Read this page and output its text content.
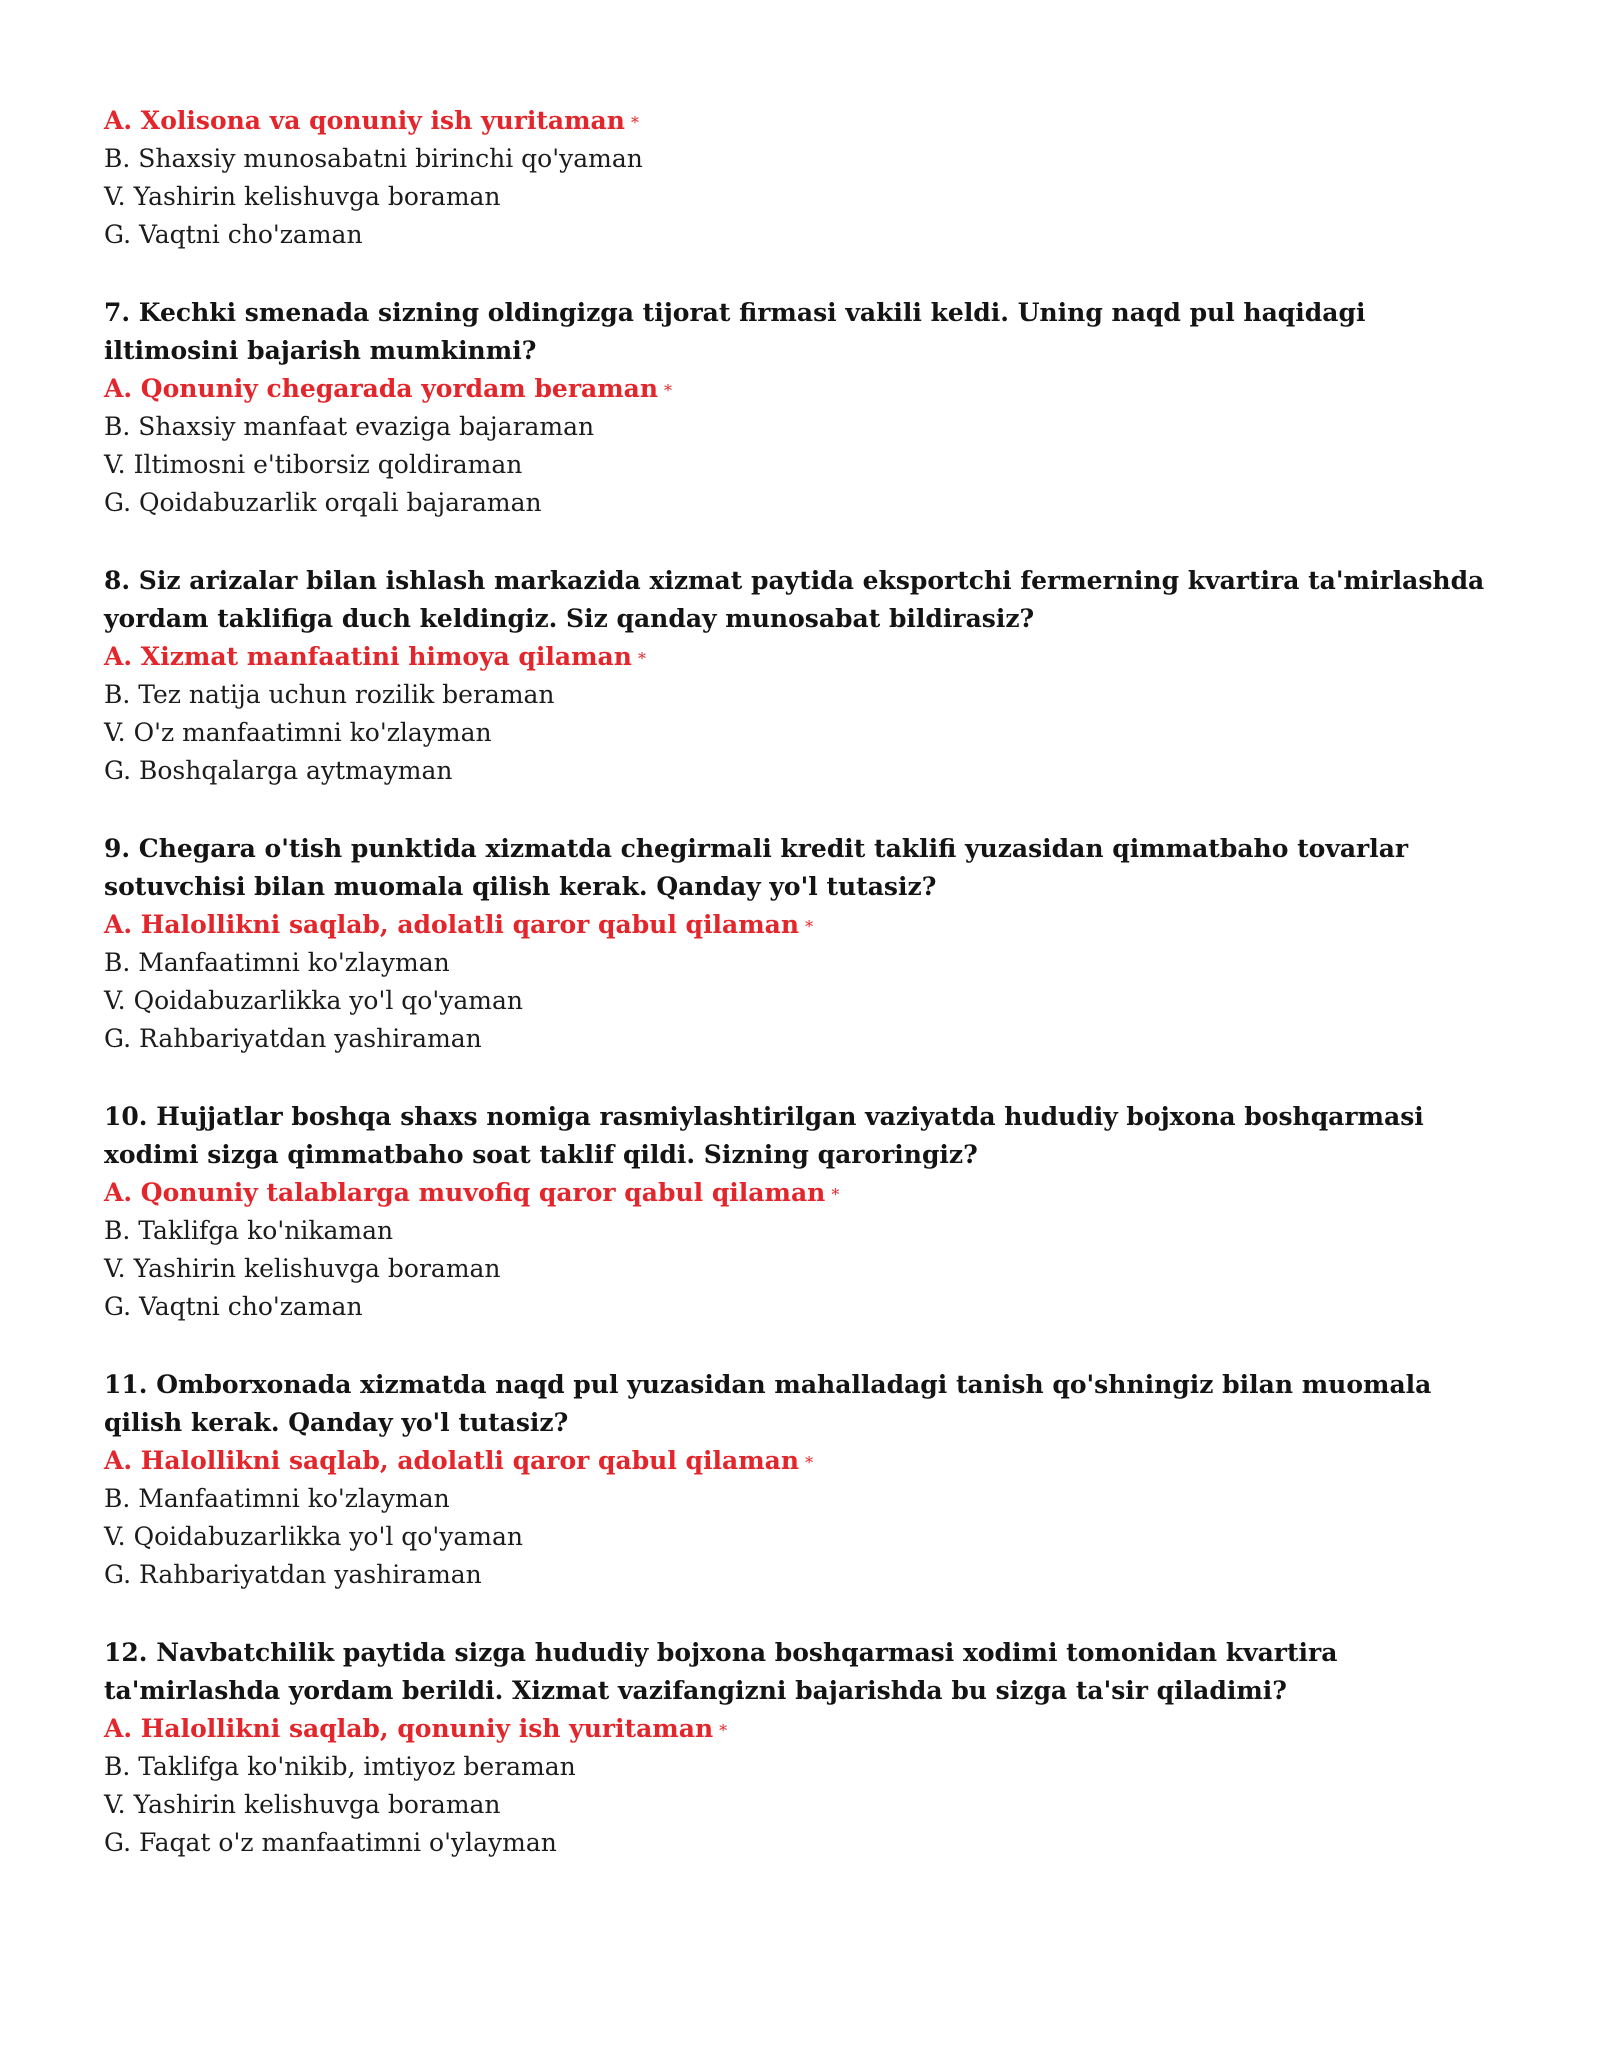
A. Xolisona va qonuniy ish yuritaman *
B. Shaxsiy munosabatni birinchi qo'yaman
V. Yashirin kelishuvga boraman
G. Vaqtni cho'zaman

7. Kechki smenada sizning oldingizga tijorat firmasi vakili keldi. Uning naqd pul haqidagi iltimosini bajarish mumkinmi?

A. Qonuniy chegarada yordam beraman *
B. Shaxsiy manfaat evaziga bajaraman
V. Iltimosni e'tiborsiz qoldiraman
G. Qoidabuzarlik orqali bajaraman

8. Siz arizalar bilan ishlash markazida xizmat paytida eksportchi fermerning kvartira ta'mirlashda yordam taklifiga duch keldingiz. Siz qanday munosabat bildirasiz?

A. Xizmat manfaatini himoya qilaman *
B. Tez natija uchun rozilik beraman
V. O'z manfaatimni ko'zlayman
G. Boshqalarga aytmayman

9. Chegara o'tish punktida xizmatda chegirmali kredit taklifi yuzasidan qimmatbaho tovarlar sotuvchisi bilan muomala qilish kerak. Qanday yo'l tutasiz?

A. Halollikni saqlab, adolatli qaror qabul qilaman *
B. Manfaatimni ko'zlayman
V. Qoidabuzarlikka yo'l qo'yaman
G. Rahbariyatdan yashiraman

10. Hujjatlar boshqa shaxs nomiga rasmiylashtirilgan vaziyatda hududiy bojxona boshqarmasi xodimi sizga qimmatbaho soat taklif qildi. Sizning qaroringiz?

A. Qonuniy talablarga muvofiq qaror qabul qilaman *
B. Taklifga ko'nikaman
V. Yashirin kelishuvga boraman
G. Vaqtni cho'zaman

11. Omborxonada xizmatda naqd pul yuzasidan mahalladagi tanish qo'shningiz bilan muomala qilish kerak. Qanday yo'l tutasiz?

A. Halollikni saqlab, adolatli qaror qabul qilaman *
B. Manfaatimni ko'zlayman
V. Qoidabuzarlikka yo'l qo'yaman
G. Rahbariyatdan yashiraman

12. Navbatchilik paytida sizga hududiy bojxona boshqarmasi xodimi tomonidan kvartira ta'mirlashda yordam berildi. Xizmat vazifangizni bajarishda bu sizga ta'sir qiladimi?

A. Halollikni saqlab, qonuniy ish yuritaman *
B. Taklifga ko'nikib, imtiyoz beraman
V. Yashirin kelishuvga boraman
G. Faqat o'z manfaatimni o'ylayman
